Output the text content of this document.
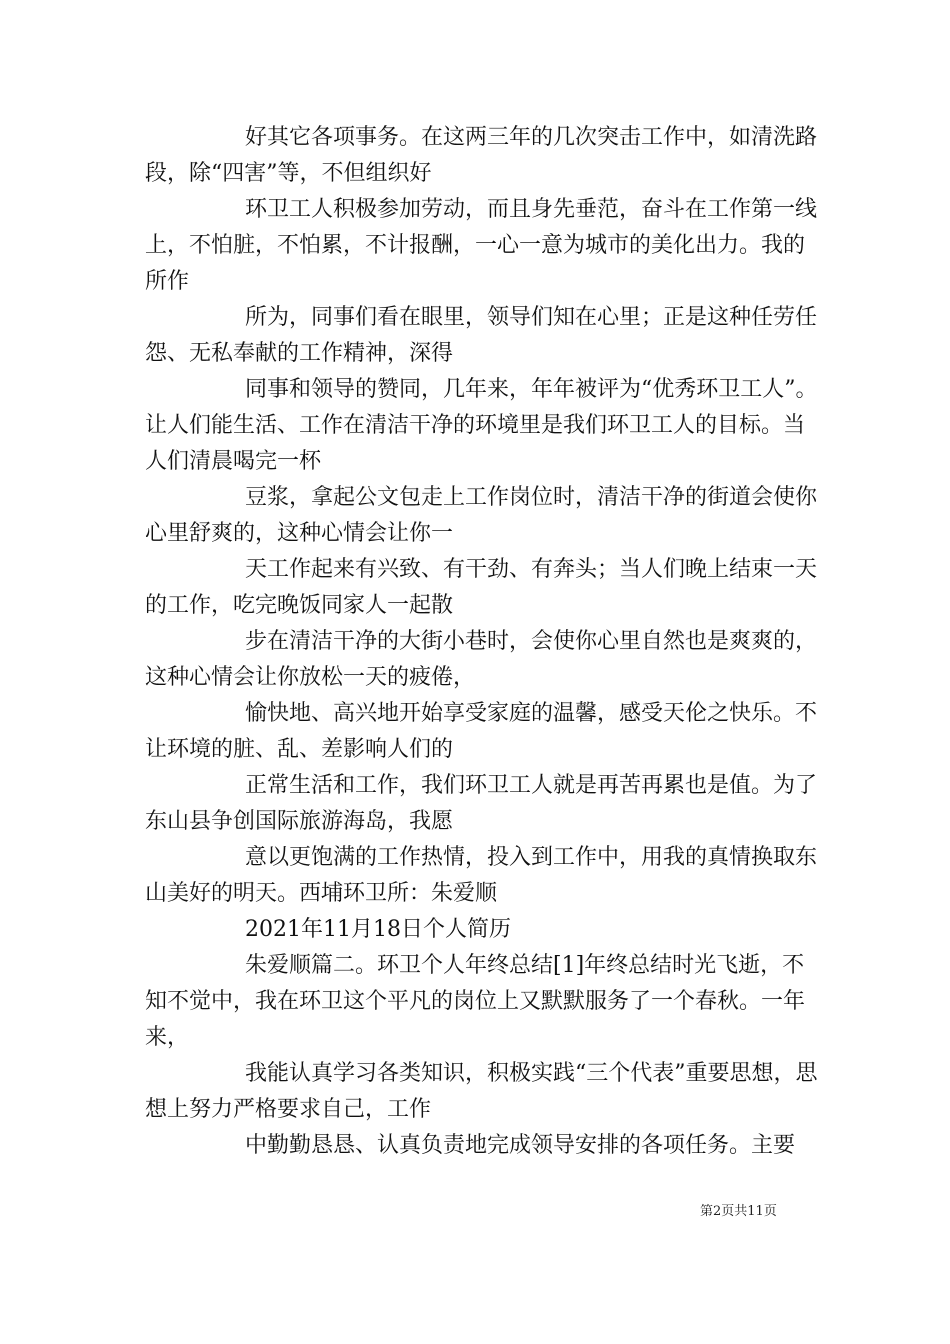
好其它各项事务。在这两三年的几次突击工作中，如清洗路段，除“四害”等，不但组织好

环卫工人积极参加劳动，而且身先垂范，奋斗在工作第一线上，不怕脏，不怕累，不计报酬，一心一意为城市的美化出力。我的所作

所为，同事们看在眼里，领导们知在心里；正是这种任劳任怨、无私奉献的工作精神，深得

同事和领导的赞同，几年来，年年被评为“优秀环卫工人”。让人们能生活、工作在清洁干净的环境里是我们环卫工人的目标。当人们清晨喝完一杯

豆浆，拿起公文包走上工作岗位时，清洁干净的街道会使你心里舒爽的，这种心情会让你一

天工作起来有兴致、有干劲、有奔头；当人们晚上结束一天的工作，吃完晚饭同家人一起散

步在清洁干净的大街小巷时，会使你心里自然也是爽爽的，这种心情会让你放松一天的疲倦，

愉快地、高兴地开始享受家庭的温馨，感受天伦之快乐。不让环境的脏、乱、差影响人们的

正常生活和工作，我们环卫工人就是再苦再累也是值。为了东山县争创国际旅游海岛，我愿

意以更饱满的工作热情，投入到工作中，用我的真情换取东山美好的明天。西埔环卫所：朱爱顺

2021年11月18日个人简历

朱爱顺篇二。环卫个人年终总结[1]年终总结时光飞逝，不知不觉中，我在环卫这个平凡的岗位上又默默服务了一个春秋。一年来，

我能认真学习各类知识，积极实践“三个代表”重要思想，思想上努力严格要求自己，工作

中勤勤恳恳、认真负责地完成领导安排的各项任务。主要

第2页共11页
